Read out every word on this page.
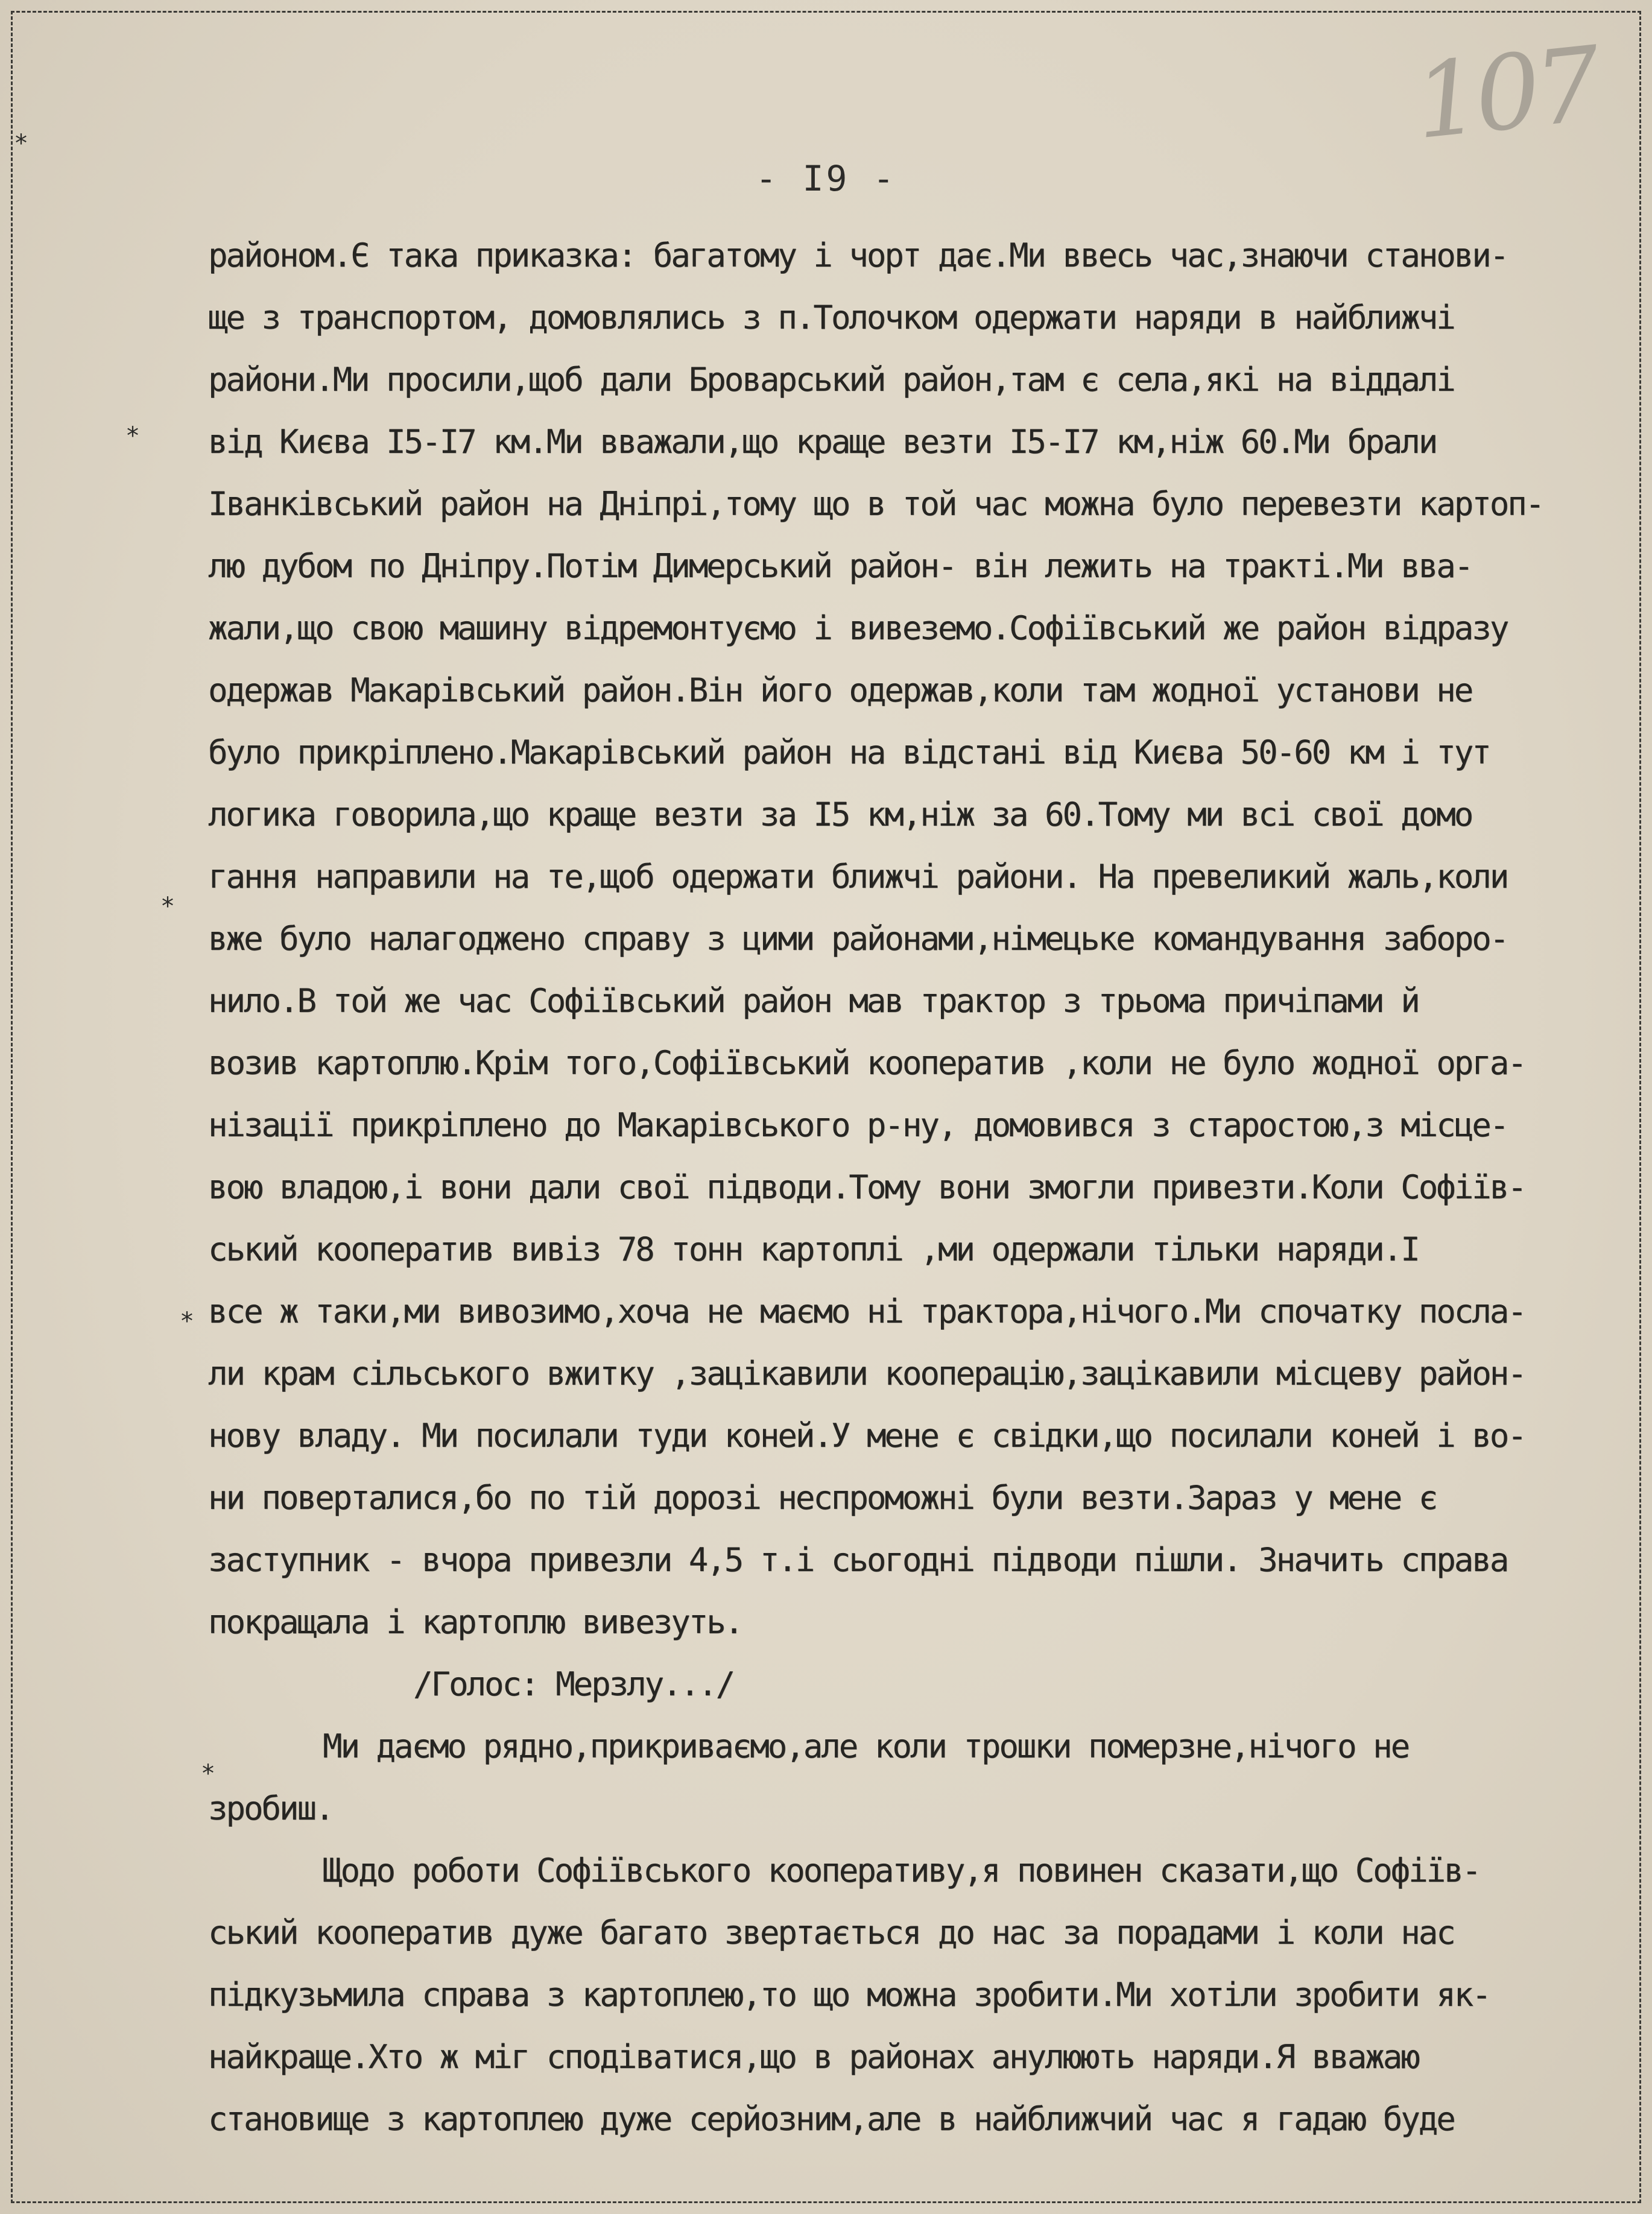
107
- I9 -
*
*
*
*
*
районом.Є така приказка: багатому і чорт дає.Ми ввесь час,знаючи станови-
ще з транспортом, домовлялись з п.Толочком одержати наряди в найближчі
райони.Ми просили,щоб дали Броварський район,там є села,які на віддалі
від Києва I5-I7 км.Ми вважали,що краще везти I5-I7 км,ніж 60.Ми брали
Іванківський район на Дніпрі,тому що в той час можна було перевезти картоп-
лю дубом по Дніпру.Потім Димерський район- він лежить на тракті.Ми вва-
жали,що свою машину відремонтуємо і вивеземо.Софіївський же район відразу
одержав Макарівський район.Він його одержав,коли там жодної установи не
було прикріплено.Макарівський район на відстані від Києва 50-60 км і тут
логика говорила,що краще везти за I5 км,ніж за 60.Тому ми всі свої домо
гання направили на те,щоб одержати ближчі райони. На превеликий жаль,коли
вже було налагоджено справу з цими районами,німецьке командування заборо-
нило.В той же час Софіївський район мав трактор з трьома причіпами й
возив картоплю.Крім того,Софіївський кооператив ,коли не було жодної орга-
нізації прикріплено до Макарівського р-ну, домовився з старостою,з місце-
вою владою,і вони дали свої підводи.Тому вони змогли привезти.Коли Софіїв-
ський кооператив вивіз 78 тонн картоплі ,ми одержали тільки наряди.І
все ж таки,ми вивозимо,хоча не маємо ні трактора,нічого.Ми спочатку посла-
ли крам сільського вжитку ,зацікавили кооперацію,зацікавили місцеву район-
нову владу. Ми посилали туди коней.У мене є свідки,що посилали коней і во-
ни поверталися,бо по тій дорозі неспроможні були везти.Зараз у мене є
заступник - вчора привезли 4,5 т.і сьогодні підводи пішли. Значить справа
покращала і картоплю вивезуть.
/Голос: Мерзлу.../
Ми даємо рядно,прикриваємо,але коли трошки померзне,нічого не
зробиш.
Щодо роботи Софіївського кооперативу,я повинен сказати,що Софіїв-
ський кооператив дуже багато звертається до нас за порадами і коли нас
підкузьмила справа з картоплею,то що можна зробити.Ми хотіли зробити як-
найкраще.Хто ж міг сподіватися,що в районах анулюють наряди.Я вважаю
становище з картоплею дуже серйозним,але в найближчий час я гадаю буде
